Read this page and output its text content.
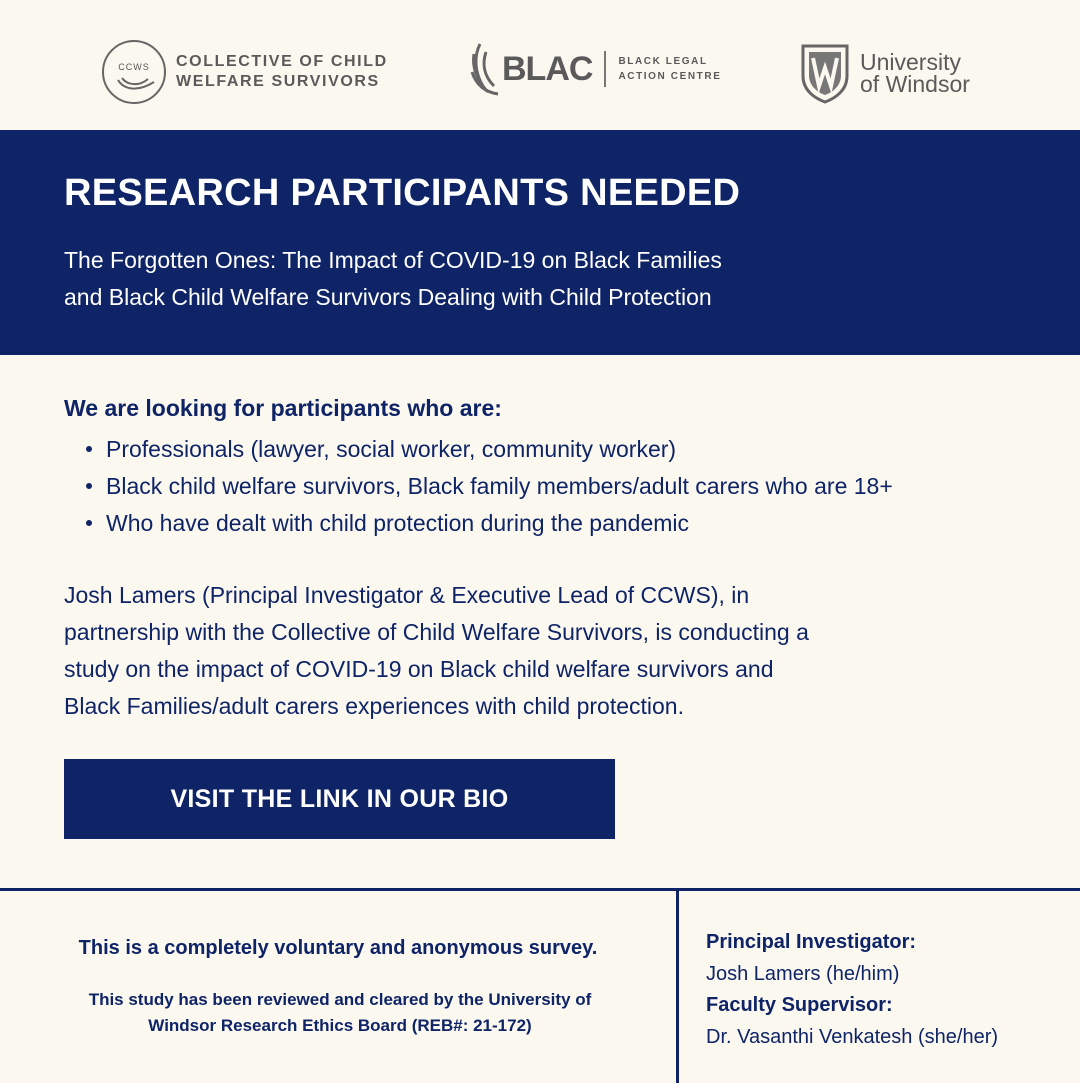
CCWS	COLLECTIVE OF CHILD
WELFARE SURVIVORS	BLAC	BLACK LEGAL
ACTION CENTRE
University
of Windsor
RESEARCH PARTICIPANTS NEEDED
The Forgotten Ones: The Impact of COVID-19 on Black Families
and Black Child Welfare Survivors Dealing with Child Protection
We are looking for participants who are:
Professionals (lawyer, social worker, community worker)
Black child welfare survivors, Black family members/adult carers who are 18+
Who have dealt with child protection during the pandemic
Josh Lamers (Principal Investigator & Executive Lead of CCWS), in
partnership with the Collective of Child Welfare Survivors, is conducting a
study on the impact of COVID-19 on Black child welfare survivors and
Black Families/adult carers experiences with child protection.
VISIT THE LINK IN OUR BIO
This is a completely voluntary and anonymous survey.
This study has been reviewed and cleared by the University of
Windsor Research Ethics Board (REB#: 21-172)
Principal Investigator:
Josh Lamers (he/him)
Faculty Supervisor:
Dr. Vasanthi Venkatesh (she/her)
